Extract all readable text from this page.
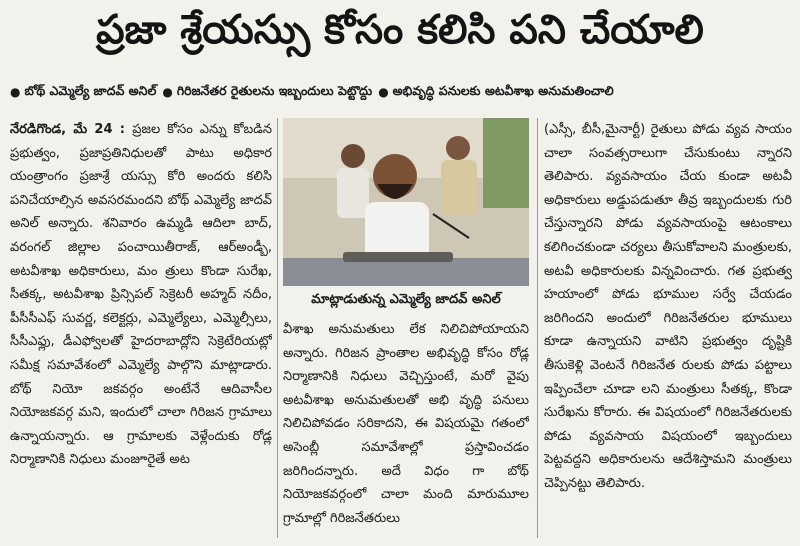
ప్రజా శ్రేయస్సు కోసం కలిసి పని చేయాలి
● బోథ్ ఎమ్మెల్యే జాదవ్ అనిల్ ● గిరిజనేతర రైతులను ఇబ్బందులు పెట్టొద్దు ● అభివృద్ధి పనులకు అటవీశాఖ అనుమతించాలి
నేరడిగొండ, మే 24 : ప్రజల కోసం ఎన్ను కోబడిన ప్రభుత్వం, ప్రజాప్రతినిధులతో పాటు అధికార యంత్రాంగం ప్రజాశ్రే యస్సు కోరి అందరు కలిసి పనిచేయాల్సిన అవసరమందని బోథ్ ఎమ్మెల్యే జాదవ్ అనిల్ అన్నారు. శనివారం ఉమ్మడి ఆదిలా బాద్, వరంగల్ జిల్లాల పంచాయితీరాజ్, ఆర్అండ్బీ, అటవీశాఖ అధికారులు, మం త్రులు కొండా సురేఖ, సీతక్క, అటవీశాఖ ప్రిన్సిపల్ సెక్రెటరీ అహ్మద్ నదీం, పీసీసీఎఫ్ సువర్ణ, కలెక్టర్లు, ఎమ్మెల్యేలు, ఎమ్మెల్సీలు, సీసీఎఫ్లు, డీఎఫ్వోలతో హైదరాబాద్లోని సెక్రెటేరియట్లో సమీక్ష సమావేశంలో ఎమ్మెల్యే పాల్గొని మాట్లాడారు. బోథ్ నియో జకవర్గం అంటేనే ఆదివాసీల నియోజకవర్గ మని, ఇందులో చాలా గిరిజన గ్రామాలు ఉన్నాయన్నారు. ఆ గ్రామాలకు వెళ్లేందుకు రోడ్ల నిర్మాణానికి నిధులు మంజూరైతే అట
మాట్లాడుతున్న ఎమ్మెల్యే జాదవ్ అనిల్
వీశాఖ అనుమతులు లేక నిలిచిపోయాయని అన్నారు. గిరిజన ప్రాంతాల అభివృద్ధి కోసం రోడ్ల నిర్మాణానికి నిధులు వెచ్చిస్తుంటే, మరో వైపు అటవీశాఖ అనుమతులతో అభి వృద్ధి పనులు నిలిచిపోవడం సరికాదని, ఈ విషయమై గతంలో అసెంబ్లీ సమావేశాల్లో ప్రస్తావించడం జరిగిందన్నారు. అదే విధం గా బోథ్ నియోజకవర్గంలో చాలా మంది మారుమూల గ్రామాల్లో గిరిజనేతరులు
(ఎస్సీ, బీసీ,మైనార్టీ) రైతులు పోడు వ్యవ సాయం చాలా సంవత్సరాలుగా చేసుకుంటు న్నారని తెలిపారు. వ్యవసాయం చేయ కుండా అటవీ అధికారులు అడ్డుపడుతూ తీవ్ర ఇబ్బందులకు గురి చేస్తున్నారని పోడు వ్యవసాయంపై ఆటంకాలు కలిగించకుండా చర్యలు తీసుకోవాలని మంత్రులకు, అటవీ అధికారులకు విన్నవించారు. గత ప్రభుత్వ హయాంలో పోడు భూముల సర్వే చేయడం జరిగిందని అందులో గిరిజనేతరుల భూములు కూడా ఉన్నాయని వాటిని ప్రభుత్వం దృష్టికి తీసుకెళ్లి వెంటనే గిరిజనేత రులకు పోడు పట్టాలు ఇప్పించేలా చూడా లని మంత్రులు సీతక్క, కొండా సురేఖను కోరారు. ఈ విషయంలో గిరిజనేతరులకు పోడు వ్యవసాయ విషయంలో ఇబ్బందులు పెట్టవద్దని అధికారులను ఆదేశిస్తామని మంత్రులు చెప్పినట్టు తెలిపారు.
